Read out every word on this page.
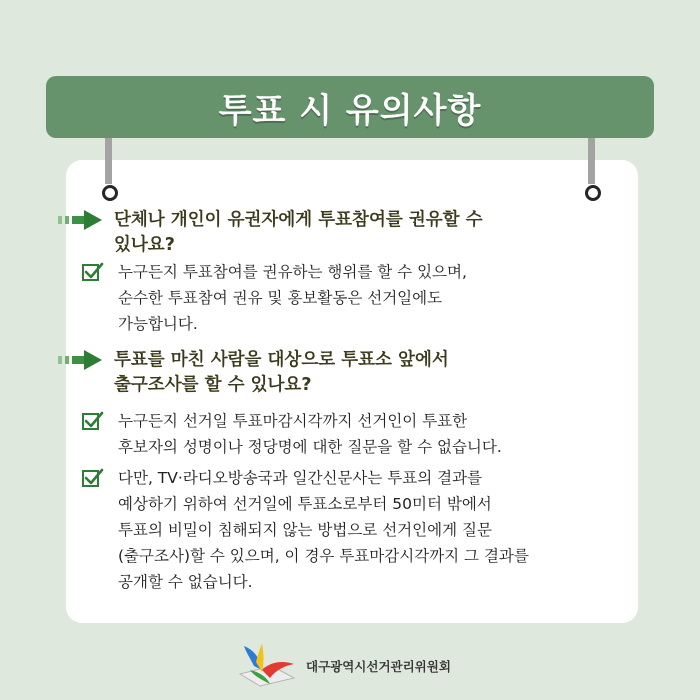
투표 시 유의사항
단체나 개인이 유권자에게 투표참여를 권유할 수
있나요?
누구든지 투표참여를 권유하는 행위를 할 수 있으며,
순수한 투표참여 권유 및 홍보활동은 선거일에도
가능합니다.
투표를 마친 사람을 대상으로 투표소 앞에서
출구조사를 할 수 있나요?
누구든지 선거일 투표마감시각까지 선거인이 투표한
후보자의 성명이나 정당명에 대한 질문을 할 수 없습니다.
다만, TV·라디오방송국과 일간신문사는 투표의 결과를
예상하기 위하여 선거일에 투표소로부터 50미터 밖에서
투표의 비밀이 침해되지 않는 방법으로 선거인에게 질문
(출구조사)할 수 있으며, 이 경우 투표마감시각까지 그 결과를
공개할 수 없습니다.
대구광역시선거관리위원회
